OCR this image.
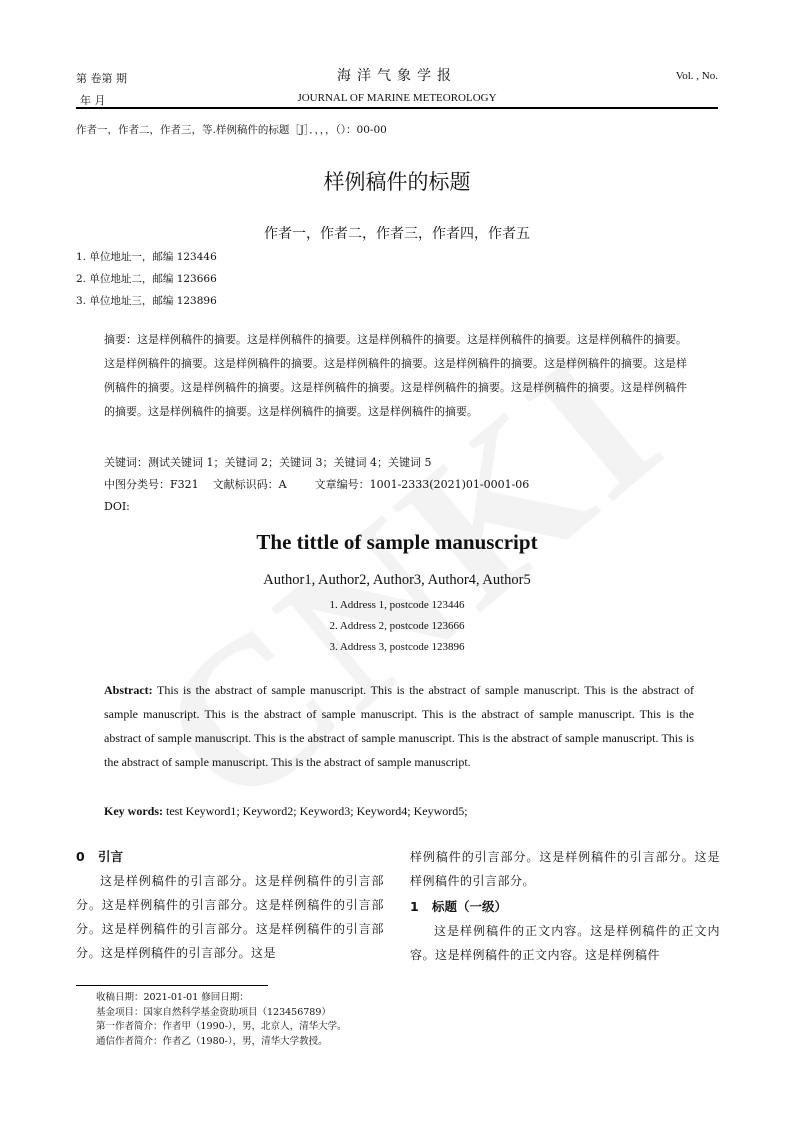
第 卷第 期
年 月
海洋气象学报
JOURNAL OF MARINE METEOROLOGY
Vol. , No.
作者一，作者二，作者三，等.样例稿件的标题［J］．，，，（）：00-00
样例稿件的标题
作者一，作者二，作者三，作者四，作者五
1. 单位地址一，邮编 123446
2. 单位地址二，邮编 123666
3. 单位地址三，邮编 123896
摘要：这是样例稿件的摘要。这是样例稿件的摘要。这是样例稿件的摘要。这是样例稿件的摘要。这是样例稿件的摘要。这是样例稿件的摘要。这是样例稿件的摘要。这是样例稿件的摘要。这是样例稿件的摘要。这是样例稿件的摘要。这是样例稿件的摘要。这是样例稿件的摘要。这是样例稿件的摘要。这是样例稿件的摘要。这是样例稿件的摘要。这是样例稿件的摘要。这是样例稿件的摘要。这是样例稿件的摘要。这是样例稿件的摘要。
关键词：测试关键词 1；关键词 2；关键词 3；关键词 4；关键词 5
中图分类号：F321 文献标识码：A	文章编号：1001-2333(2021)01-0001-06
DOI:
The tittle of sample manuscript
Author1, Author2, Author3, Author4, Author5
1. Address 1, postcode 123446
2. Address 2, postcode 123666
3. Address 3, postcode 123896
Abstract: This is the abstract of sample manuscript. This is the abstract of sample manuscript. This is the abstract of sample manuscript. This is the abstract of sample manuscript. This is the abstract of sample manuscript. This is the abstract of sample manuscript. This is the abstract of sample manuscript. This is the abstract of sample manuscript. This is the abstract of sample manuscript. This is the abstract of sample manuscript.
Key words: test Keyword1; Keyword2; Keyword3; Keyword4; Keyword5;
0 引言
这是样例稿件的引言部分。这是样例稿件的引言部分。这是样例稿件的引言部分。这是样例稿件的引言部分。这是样例稿件的引言部分。这是样例稿件的引言部分。这是样例稿件的引言部分。这是
样例稿件的引言部分。这是样例稿件的引言部分。这是样例稿件的引言部分。
1 标题（一级）
这是样例稿件的正文内容。这是样例稿件的正文内容。这是样例稿件的正文内容。这是样例稿件
收稿日期：2021-01-01 修回日期：
基金项目：国家自然科学基金资助项目（123456789）
第一作者简介：作者甲（1990-），男，北京人，清华大学。
通信作者简介：作者乙（1980-），男，清华大学教授。
